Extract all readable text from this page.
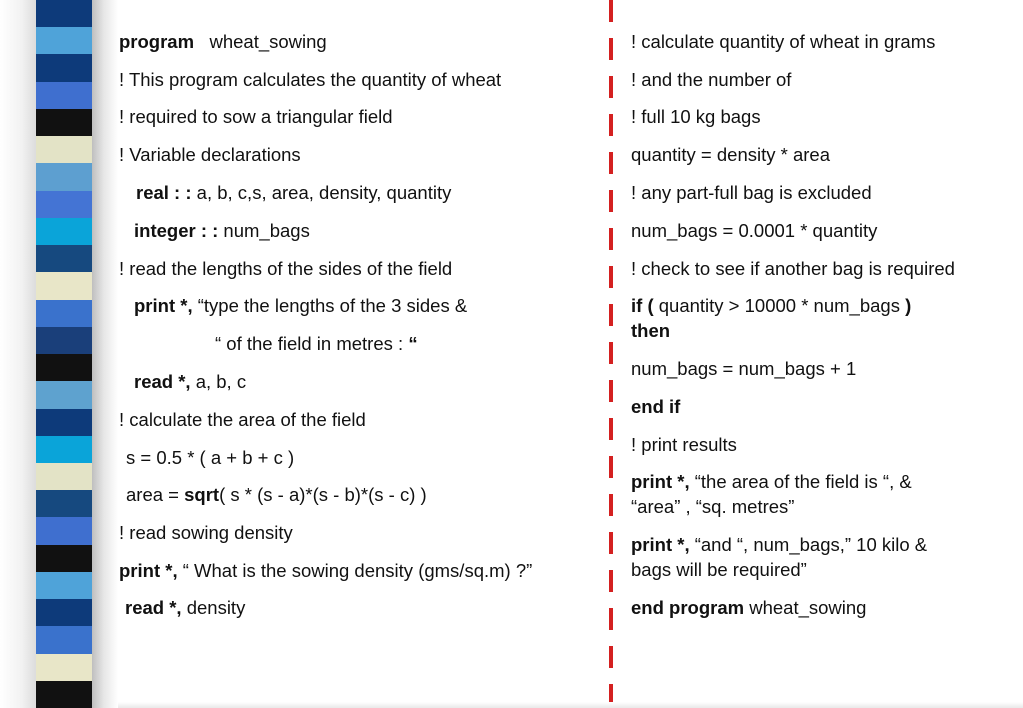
program wheat_sowing
! This program calculates the quantity of wheat
! required to sow a triangular field
! Variable declarations
real : : a, b, c,s, area, density, quantity
integer : : num_bags
! read the lengths of the sides of the field
print *, “type the lengths of the 3 sides &
“ of the field in metres : “
read *, a, b, c
! calculate the area of the field
s = 0.5 * ( a + b + c )
area = sqrt( s * (s - a)*(s - b)*(s - c) )
! read sowing density
print *, “ What is the sowing density (gms/sq.m) ?”
read *, density
! calculate quantity of wheat in grams
! and the number of
! full 10 kg bags
quantity = density * area
! any part-full bag is excluded
num_bags = 0.0001 * quantity
! check to see if another bag is required
if ( quantity > 10000 * num_bags )
then
num_bags = num_bags + 1
end if
! print results
print *, “the area of the field is “, &
“area” , “sq. metres”
print *, “and “, num_bags,” 10 kilo &
bags will be required”
end program wheat_sowing
